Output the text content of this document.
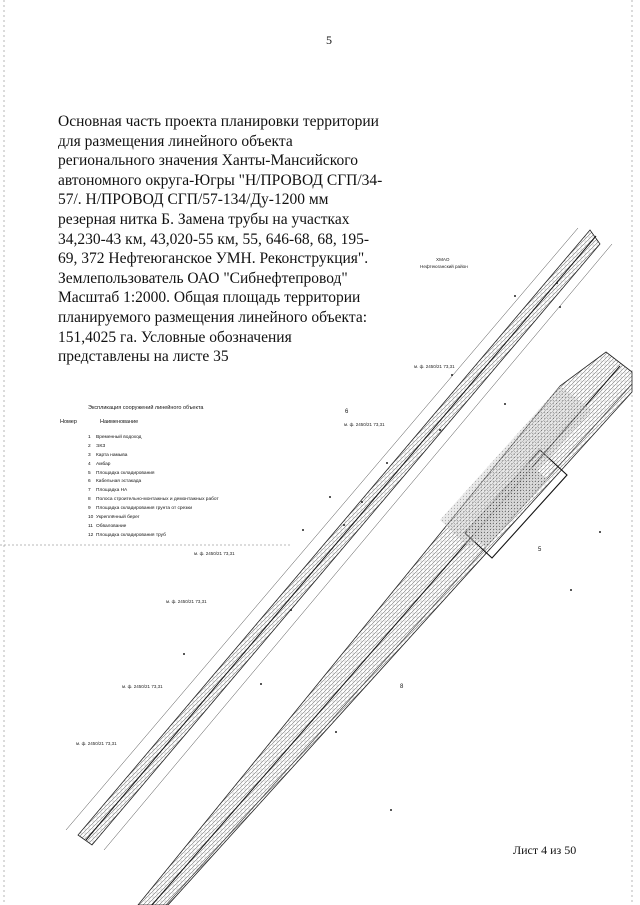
5

Основная часть проекта планировки территории
для размещения линейного объекта
регионального значения Ханты-Мансийского
автономного округа-Югры "Н/ПРОВОД СГП/34-
57/. Н/ПРОВОД СГП/57-134/Ду-1200 мм
резерная нитка Б. Замена трубы на участках
34,230-43 км, 43,020-55 км, 55, 646-68, 68, 195-
69, 372 Нефтеюганское УМН. Реконструкция".
Землепользователь ОАО "Сибнефтепровод"
Масштаб 1:2000. Общая площадь территории
планируемого размещения линейного объекта:
151,4025 га. Условные обозначения
представлены на листе 35

м. ф. 2450/21 73,31
м. ф. 2450/21 73,31
м. ф. 2450/21 73,31
м. ф. 2450/21 73,31
м. ф. 2450/21 73,31
м. ф. 2450/21 73,31
ХМАО
Нефтеюганский район
6
5
8
Экспликация сооружений линейного объекта
Номер	Наименование
1 Временный водоход
2 ЭХЗ
3 Карта намыва
4 Амбар
5 Площадка складирования
6 Кабельная эстакада
7 Площадка НА
8 Полоса строительно-монтажных и демонтажных работ
9 Площадка складирования грунта от срезки
10 Укреплённый берег
11 Обвалование
12 Площадка складирования труб
Лист 4 из 50
